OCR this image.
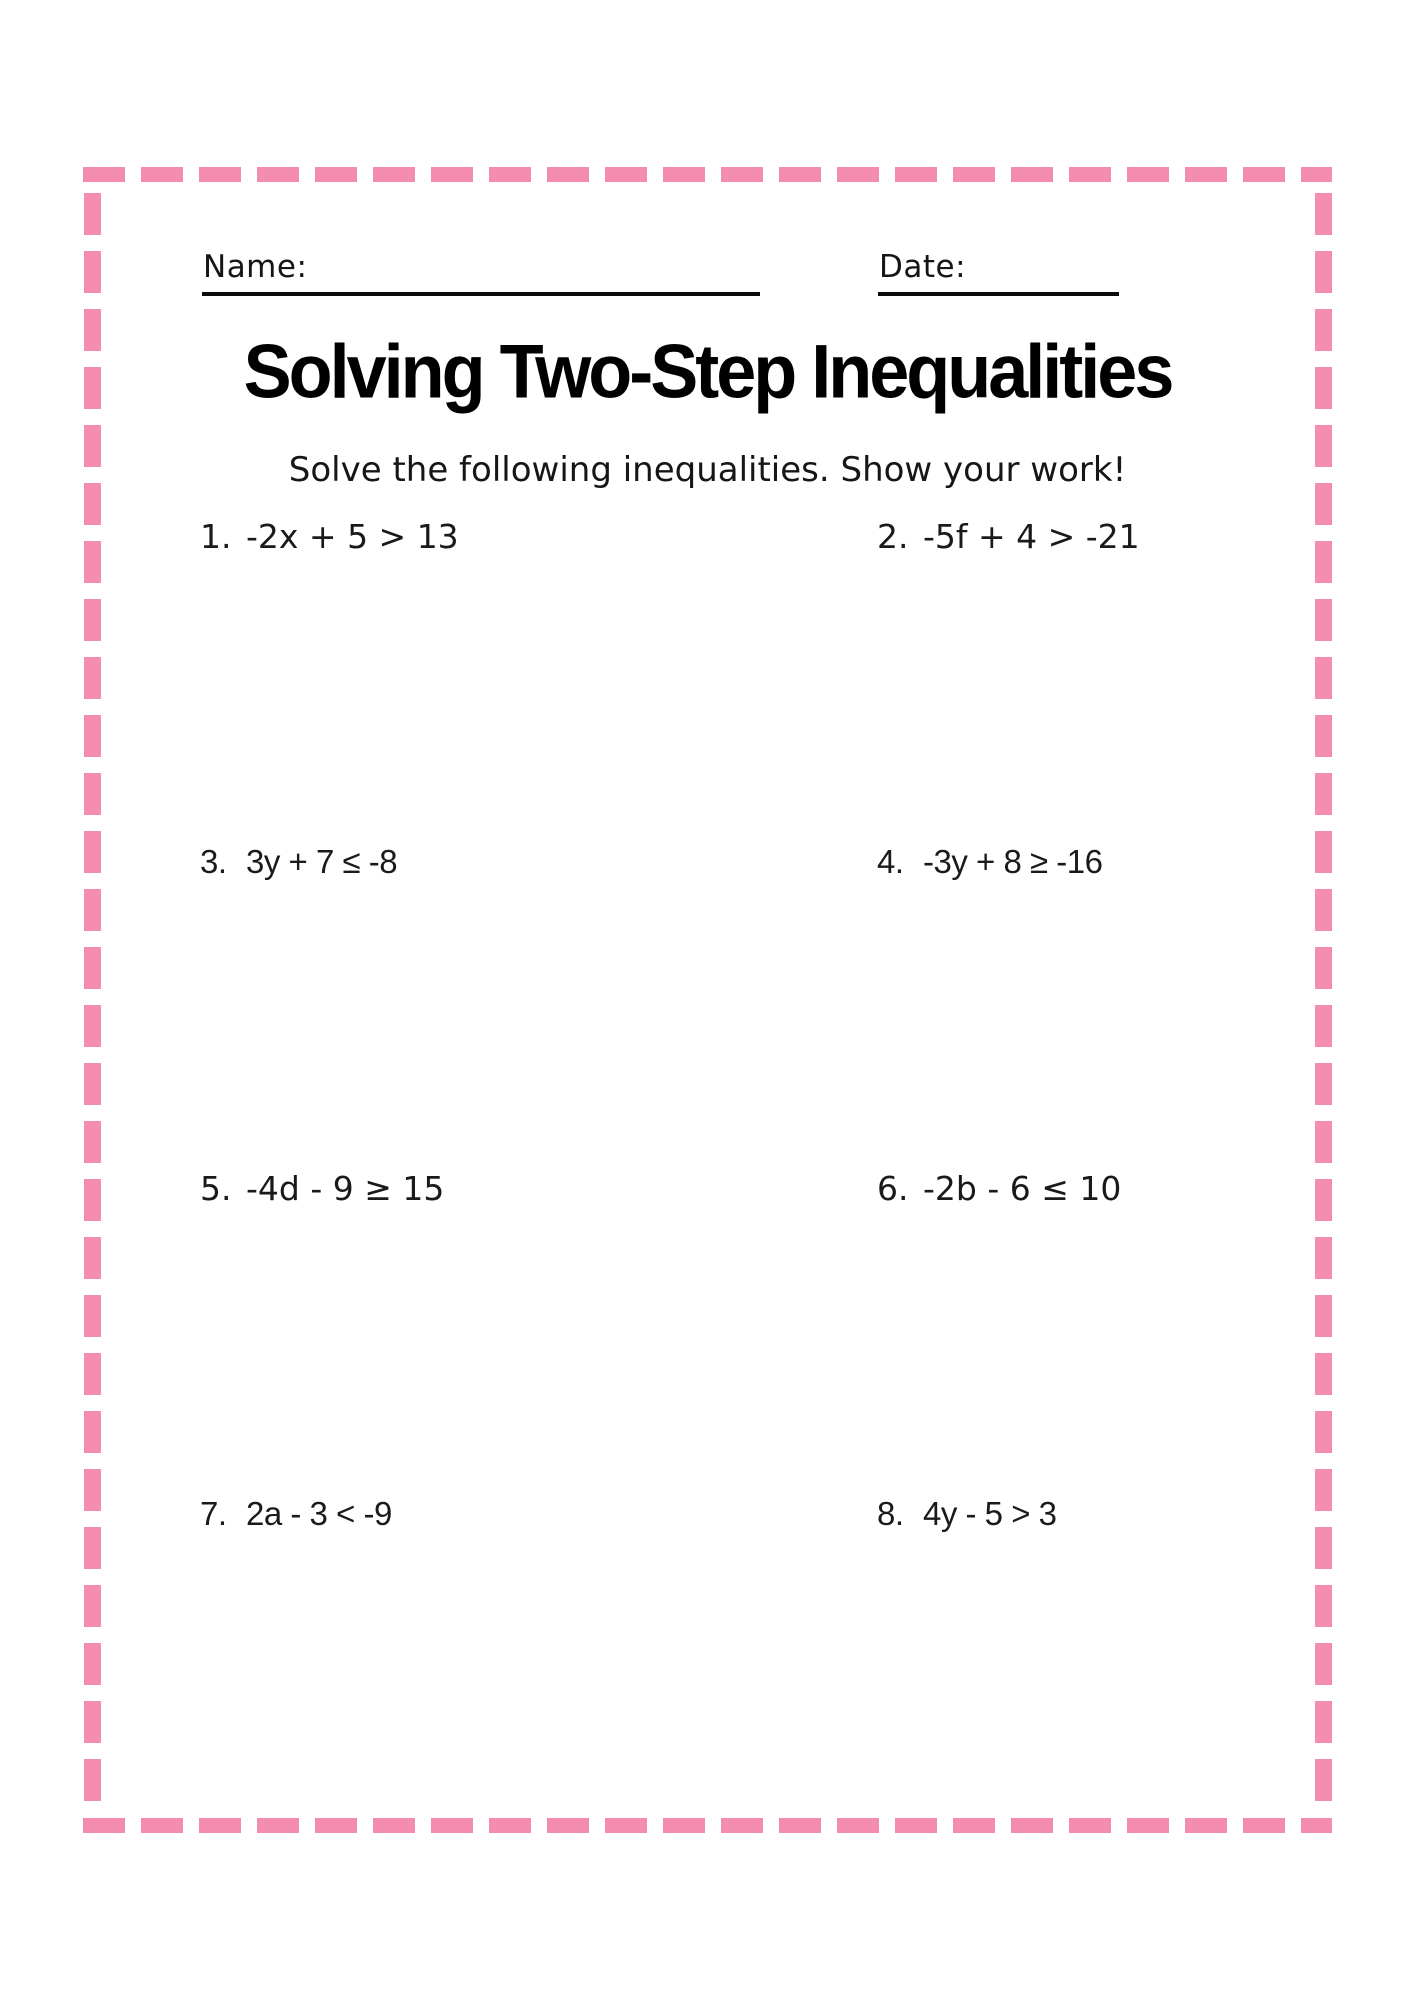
Name:	Date:
Solving Two-Step Inequalities
Solve the following inequalities. Show your work!
1. -2x + 5 > 13	2. -5f + 4 > -21
3. 3y + 7 ≤ -8	4. -3y + 8 ≥ -16
5. -4d - 9 ≥ 15	6. -2b - 6 ≤ 10
7. 2a - 3 < -9	8. 4y - 5 > 3
